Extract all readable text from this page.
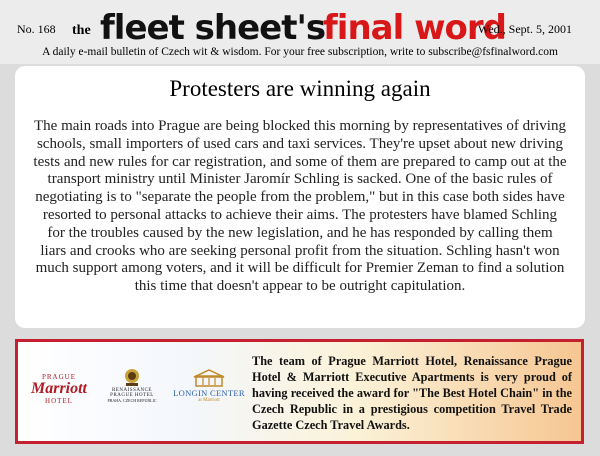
No. 168 the fleet sheet's
final word
Wed., Sept. 5, 2001
A daily e-mail bulletin of Czech wit & wisdom. For your free subscription, write to subscribe@fsfinalword.com
Protesters are winning again

The main roads into Prague are being blocked this morning by representatives of driving schools, small importers of used cars and taxi services. They're upset about new driving tests and new rules for car registration, and some of them are prepared to camp out at the transport ministry until Minister Jaromír Schling is sacked. One of the basic rules of negotiating is to "separate the people from the problem," but in this case both sides have resorted to personal attacks to achieve their aims. The protesters have blamed Schling for the troubles caused by the new legislation, and he has responded by calling them liars and crooks who are seeking personal profit from the situation. Schling hasn't won much support among voters, and it will be difficult for Premier Zeman to find a solution this time that doesn't appear to be outright capitulation.

PRAGUE
Marriott
HOTEL
RENAISSANCE
PRAGUE HOTEL
PRAHA, CZECH REPUBLIC
LONGIN CENTER
at Marriott

The team of Prague Marriott Hotel, Renaissance Prague Hotel & Marriott Executive Apartments is very proud of having received the award for "The Best Hotel Chain" in the Czech Republic in a prestigious competition Travel Trade Gazette Czech Travel Awards.
